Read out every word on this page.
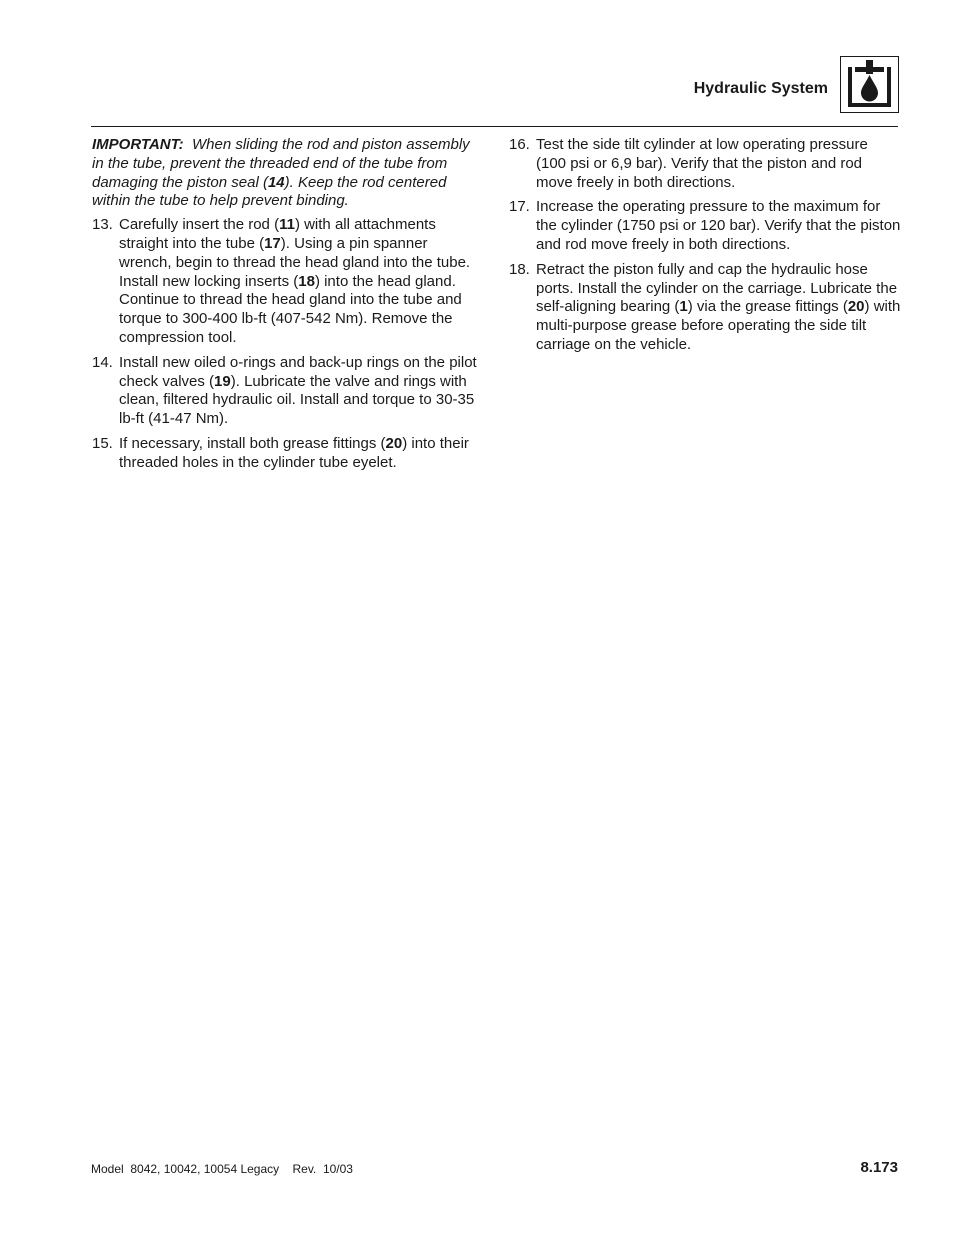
Hydraulic System

IMPORTANT: When sliding the rod and piston assembly in the tube, prevent the threaded end of the tube from damaging the piston seal (14). Keep the rod centered within the tube to help prevent binding.

13. Carefully insert the rod (11) with all attachments straight into the tube (17). Using a pin spanner wrench, begin to thread the head gland into the tube. Install new locking inserts (18) into the head gland. Continue to thread the head gland into the tube and torque to 300-400 lb-ft (407-542 Nm). Remove the compression tool.
14. Install new oiled o-rings and back-up rings on the pilot check valves (19). Lubricate the valve and rings with clean, filtered hydraulic oil. Install and torque to 30-35 lb-ft (41-47 Nm).
15. If necessary, install both grease fittings (20) into their threaded holes in the cylinder tube eyelet.
16. Test the side tilt cylinder at low operating pressure (100 psi or 6,9 bar). Verify that the piston and rod move freely in both directions.
17. Increase the operating pressure to the maximum for the cylinder (1750 psi or 120 bar). Verify that the piston and rod move freely in both directions.
18. Retract the piston fully and cap the hydraulic hose ports. Install the cylinder on the carriage. Lubricate the self-aligning bearing (1) via the grease fittings (20) with multi-purpose grease before operating the side tilt carriage on the vehicle.
Model  8042, 10042, 10054 Legacy    Rev.  10/03	8.173
